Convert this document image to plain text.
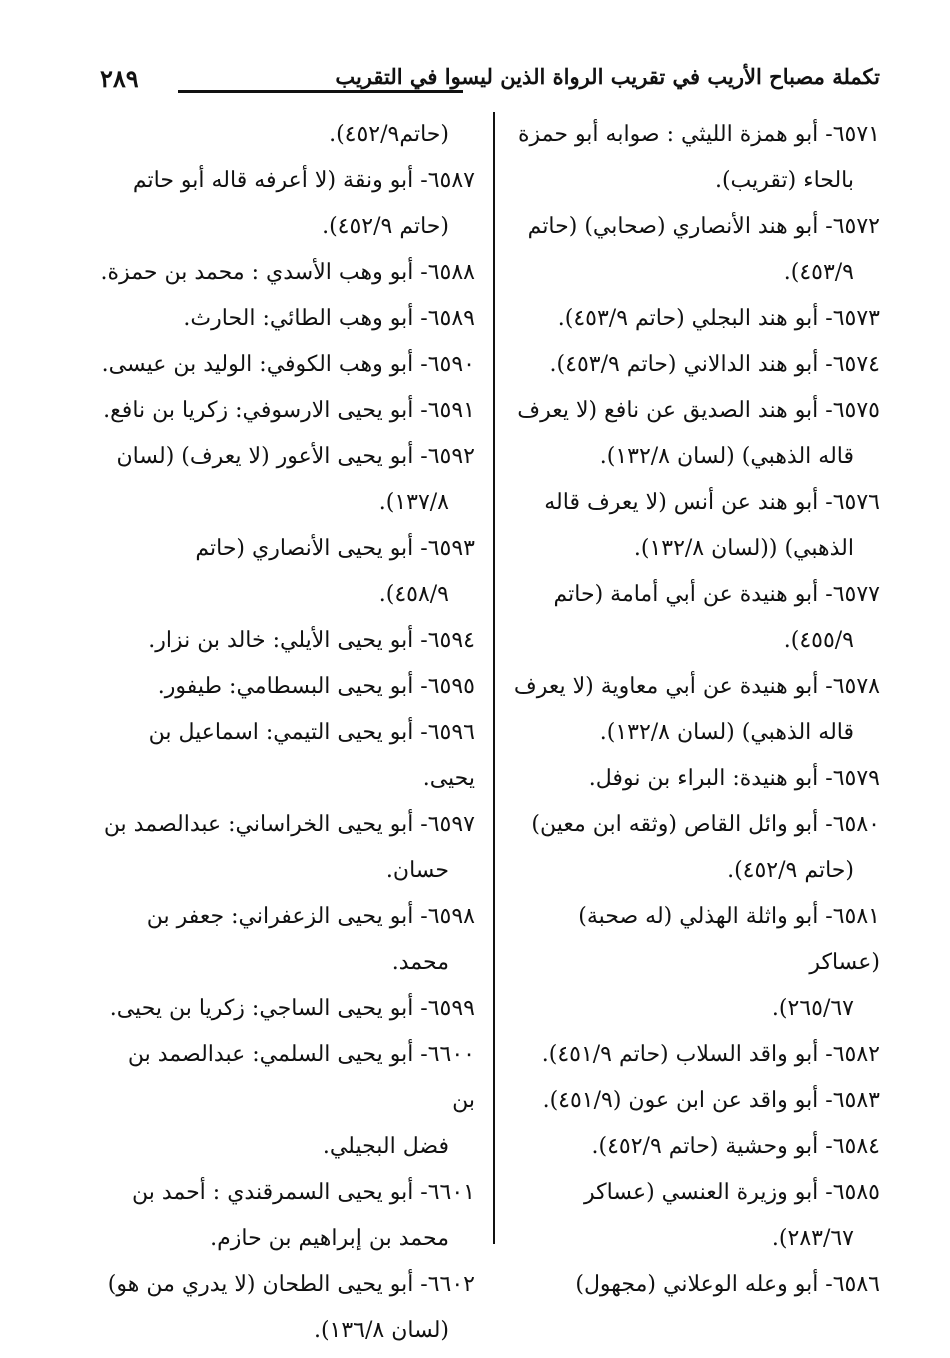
تكملة مصباح الأريب في تقريب الرواة الذين ليسوا في التقريب
٢٨٩
٦٥٧١- أبو همزة الليثي : صوابه أبو حمزة
بالحاء (تقريب).
٦٥٧٢- أبو هند الأنصاري (صحابي) (حاتم
٤٥٣/٩).
٦٥٧٣- أبو هند البجلي (حاتم ٤٥٣/٩).
٦٥٧٤- أبو هند الدالاني (حاتم ٤٥٣/٩).
٦٥٧٥- أبو هند الصديق عن نافع (لا يعرف
قاله الذهبي) (لسان ١٣٢/٨).
٦٥٧٦- أبو هند عن أنس (لا يعرف قاله
الذهبي) ((لسان ١٣٢/٨).
٦٥٧٧- أبو هنيدة عن أبي أمامة (حاتم
٤٥٥/٩).
٦٥٧٨- أبو هنيدة عن أبي معاوية (لا يعرف
قاله الذهبي) (لسان ١٣٢/٨).
٦٥٧٩- أبو هنيدة: البراء بن نوفل.
٦٥٨٠- أبو وائل القاص (وثقه ابن معين)
(حاتم ٤٥٢/٩).
٦٥٨١- أبو واثلة الهذلي (له صحبة) (عساكر
٢٦٥/٦٧).
٦٥٨٢- أبو واقد السلاب (حاتم ٤٥١/٩).
٦٥٨٣- أبو واقد عن ابن عون (٤٥١/٩).
٦٥٨٤- أبو وحشية (حاتم ٤٥٢/٩).
٦٥٨٥- أبو وزيرة العنسي (عساكر
٢٨٣/٦٧).
٦٥٨٦- أبو وعله الوعلاني (مجهول)
(حاتم٤٥٢/٩).
٦٥٨٧- أبو ونقة (لا أعرفه قاله أبو حاتم
(حاتم ٤٥٢/٩).
٦٥٨٨- أبو وهب الأسدي : محمد بن حمزة.
٦٥٨٩- أبو وهب الطائي: الحارث.
٦٥٩٠- أبو وهب الكوفي: الوليد بن عيسى.
٦٥٩١- أبو يحيى الارسوفي: زكريا بن نافع.
٦٥٩٢- أبو يحيى الأعور (لا يعرف) (لسان
١٣٧/٨).
٦٥٩٣- أبو يحيى الأنصاري (حاتم
٤٥٨/٩).
٦٥٩٤- أبو يحيى الأيلي: خالد بن نزار.
٦٥٩٥- أبو يحيى البسطامي: طيفور.
٦٥٩٦- أبو يحيى التيمي: اسماعيل بن يحيى.
٦٥٩٧- أبو يحيى الخراساني: عبدالصمد بن
حسان.
٦٥٩٨- أبو يحيى الزعفراني: جعفر بن
محمد.
٦٥٩٩- أبو يحيى الساجي: زكريا بن يحيى.
٦٦٠٠- أبو يحيى السلمي: عبدالصمد بن بن
فضل البجيلي.
٦٦٠١- أبو يحيى السمرقندي : أحمد بن
محمد بن إبراهيم بن حازم.
٦٦٠٢- أبو يحيى الطحان (لا يدري من هو)
(لسان ١٣٦/٨).
